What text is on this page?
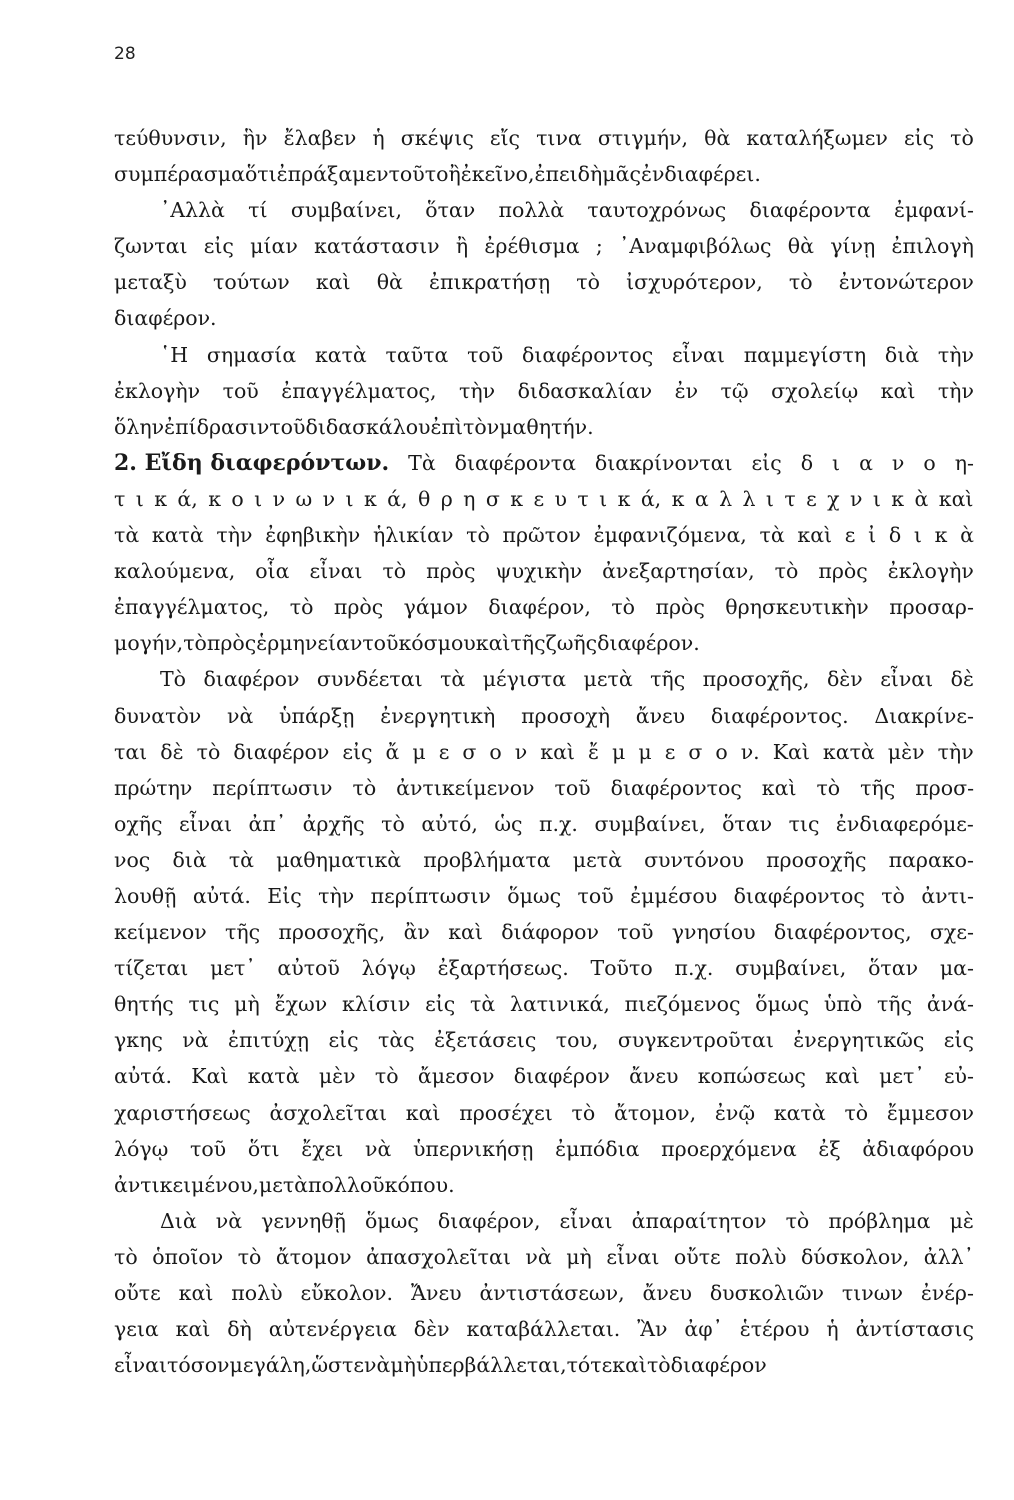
28
τεύθυνσιν, ἣν ἔλαβεν ἡ σκέψις εἴς τινα στιγμήν, θὰ καταλήξωμεν εἰς τὸ
συμπέρασμα ὅτι ἐπράξαμεν τοῦτο ἢ ἐκεῖνο, ἐπειδὴ μᾶς ἐνδιαφέρει.
᾿Αλλὰ τί συμβαίνει, ὅταν πολλὰ ταυτοχρόνως διαφέροντα ἐμφανί-
ζωνται εἰς μίαν κατάστασιν ἢ ἐρέθισμα ; ᾿Αναμφιβόλως θὰ γίνῃ ἐπιλογὴ
μεταξὺ τούτων καὶ θὰ ἐπικρατήσῃ τὸ ἰσχυρότερον, τὸ ἐντονώτερον
διαφέρον.
῾Η σημασία κατὰ ταῦτα τοῦ διαφέροντος εἶναι παμμεγίστη διὰ τὴν
ἐκλογὴν τοῦ ἐπαγγέλματος, τὴν διδασκαλίαν ἐν τῷ σχολείῳ καὶ τὴν
ὅλην ἐπίδρασιν τοῦ διδασκάλου ἐπὶ τὸν μαθητήν.
2. Εἴδη διαφερόντων. Τὰ διαφέροντα διακρίνονται εἰς δ ι α ν ο η-
τ ι κ ά, κ ο ι ν ω ν ι κ ά, θ ρ η σ κ ε υ τ ι κ ά, κ α λ λ ι τ ε χ ν ι κ ὰ καὶ
τὰ κατὰ τὴν ἐφηβικὴν ἡλικίαν τὸ πρῶτον ἐμφανιζόμενα, τὰ καὶ ε ἰ δ ι κ ὰ
καλούμενα, οἷα εἶναι τὸ πρὸς ψυχικὴν ἀνεξαρτησίαν, τὸ πρὸς ἐκλογὴν
ἐπαγγέλματος, τὸ πρὸς γάμον διαφέρον, τὸ πρὸς θρησκευτικὴν προσαρ-
μογήν, τὸ πρὸς ἑρμηνείαν τοῦ κόσμου καὶ τῆς ζωῆς διαφέρον.
Τὸ διαφέρον συνδέεται τὰ μέγιστα μετὰ τῆς προσοχῆς, δὲν εἶναι δὲ
δυνατὸν νὰ ὑπάρξῃ ἐνεργητικὴ προσοχὴ ἄνευ διαφέροντος. Διακρίνε-
ται δὲ τὸ διαφέρον εἰς ἄ μ ε σ ο ν καὶ ἔ μ μ ε σ ο ν. Καὶ κατὰ μὲν τὴν
πρώτην περίπτωσιν τὸ ἀντικείμενον τοῦ διαφέροντος καὶ τὸ τῆς προσ-
οχῆς εἶναι ἀπ᾿ ἀρχῆς τὸ αὐτό, ὡς π.χ. συμβαίνει, ὅταν τις ἐνδιαφερόμε-
νος διὰ τὰ μαθηματικὰ προβλήματα μετὰ συντόνου προσοχῆς παρακο-
λουθῇ αὐτά. Εἰς τὴν περίπτωσιν ὅμως τοῦ ἐμμέσου διαφέροντος τὸ ἀντι-
κείμενον τῆς προσοχῆς, ἂν καὶ διάφορον τοῦ γνησίου διαφέροντος, σχε-
τίζεται μετ᾿ αὐτοῦ λόγῳ ἐξαρτήσεως. Τοῦτο π.χ. συμβαίνει, ὅταν μα-
θητής τις μὴ ἔχων κλίσιν εἰς τὰ λατινικά, πιεζόμενος ὅμως ὑπὸ τῆς ἀνά-
γκης νὰ ἐπιτύχῃ εἰς τὰς ἐξετάσεις του, συγκεντροῦται ἐνεργητικῶς εἰς
αὐτά. Καὶ κατὰ μὲν τὸ ἄμεσον διαφέρον ἄνευ κοπώσεως καὶ μετ᾿ εὐ-
χαριστήσεως ἀσχολεῖται καὶ προσέχει τὸ ἄτομον, ἐνῷ κατὰ τὸ ἔμμεσον
λόγῳ τοῦ ὅτι ἔχει νὰ ὑπερνικήσῃ ἐμπόδια προερχόμενα ἐξ ἀδιαφόρου
ἀντικειμένου, μετὰ πολλοῦ κόπου.
Διὰ νὰ γεννηθῇ ὅμως διαφέρον, εἶναι ἀπαραίτητον τὸ πρόβλημα μὲ
τὸ ὁποῖον τὸ ἄτομον ἀπασχολεῖται νὰ μὴ εἶναι οὔτε πολὺ δύσκολον, ἀλλ᾿
οὔτε καὶ πολὺ εὔκολον. Ἄνευ ἀντιστάσεων, ἄνευ δυσκολιῶν τινων ἐνέρ-
γεια καὶ δὴ αὐτενέργεια δὲν καταβάλλεται. Ἂν ἀφ᾿ ἑτέρου ἡ ἀντίστασις
εἶναι τόσον μεγάλη, ὥστε νὰ μὴ ὑπερβάλλεται, τότε καὶ τὸ διαφέρον
